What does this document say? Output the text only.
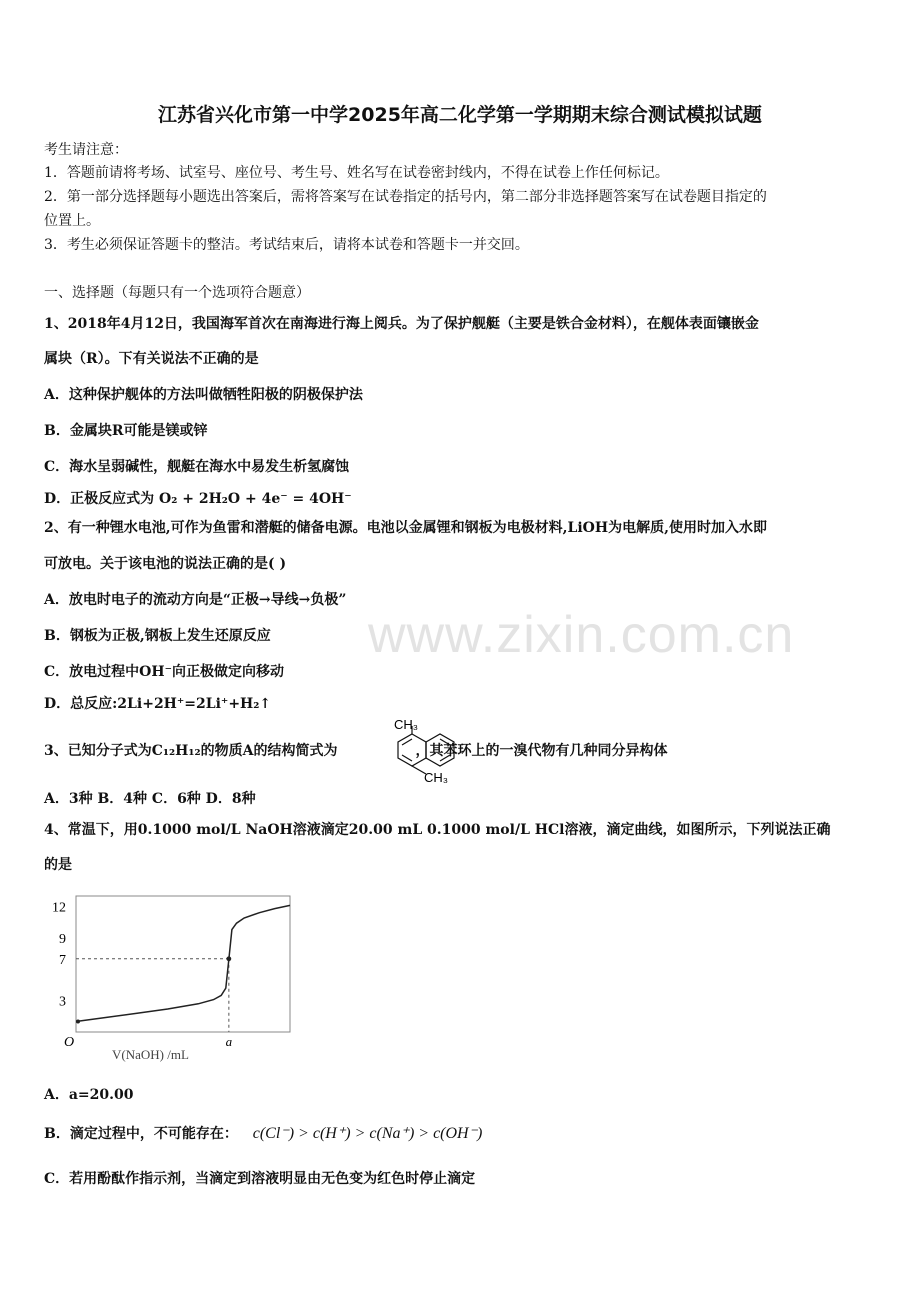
江苏省兴化市第一中学2025年高二化学第一学期期末综合测试模拟试题
考生请注意：
1．答题前请将考场、试室号、座位号、考生号、姓名写在试卷密封线内，不得在试卷上作任何标记。
2．第一部分选择题每小题选出答案后，需将答案写在试卷指定的括号内，第二部分非选择题答案写在试卷题目指定的
位置上。
3．考生必须保证答题卡的整洁。考试结束后，请将本试卷和答题卡一并交回。
一、选择题（每题只有一个选项符合题意）
1、2018年4月12日，我国海军首次在南海进行海上阅兵。为了保护舰艇（主要是铁合金材料），在舰体表面镶嵌金
属块（R）。下有关说法不正确的是
A．这种保护舰体的方法叫做牺牲阳极的阴极保护法
B．金属块R可能是镁或锌
C．海水呈弱碱性，舰艇在海水中易发生析氢腐蚀
D．正极反应式为 O₂ + 2H₂O + 4e⁻ = 4OH⁻
2、有一种锂水电池,可作为鱼雷和潜艇的储备电源。电池以金属锂和钢板为电极材料,LiOH为电解质,使用时加入水即
可放电。关于该电池的说法正确的是( )
A．放电时电子的流动方向是“正极→导线→负极”
B．钢板为正极,钢板上发生还原反应
C．放电过程中OH⁻向正极做定向移动
D．总反应:2Li+2H⁺=2Li⁺+H₂↑
www.zixin.com.cn
3、已知分子式为C₁₂H₁₂的物质A的结构简式为	，其苯环上的一溴代物有几种同分异构体
CH₃
CH₃
A．3种 B．4种 C．6种 D．8种
4、常温下，用0.1000 mol/L NaOH溶液滴定20.00 mL 0.1000 mol/L HCl溶液，滴定曲线，如图所示，下列说法正确
的是
3
7
9
12
O	a
V(NaOH) /mL
A．a=20.00
B．滴定过程中，不可能存在： c(Cl⁻) > c(H⁺) > c(Na⁺) > c(OH⁻)
C．若用酚酞作指示剂，当滴定到溶液明显由无色变为红色时停止滴定
